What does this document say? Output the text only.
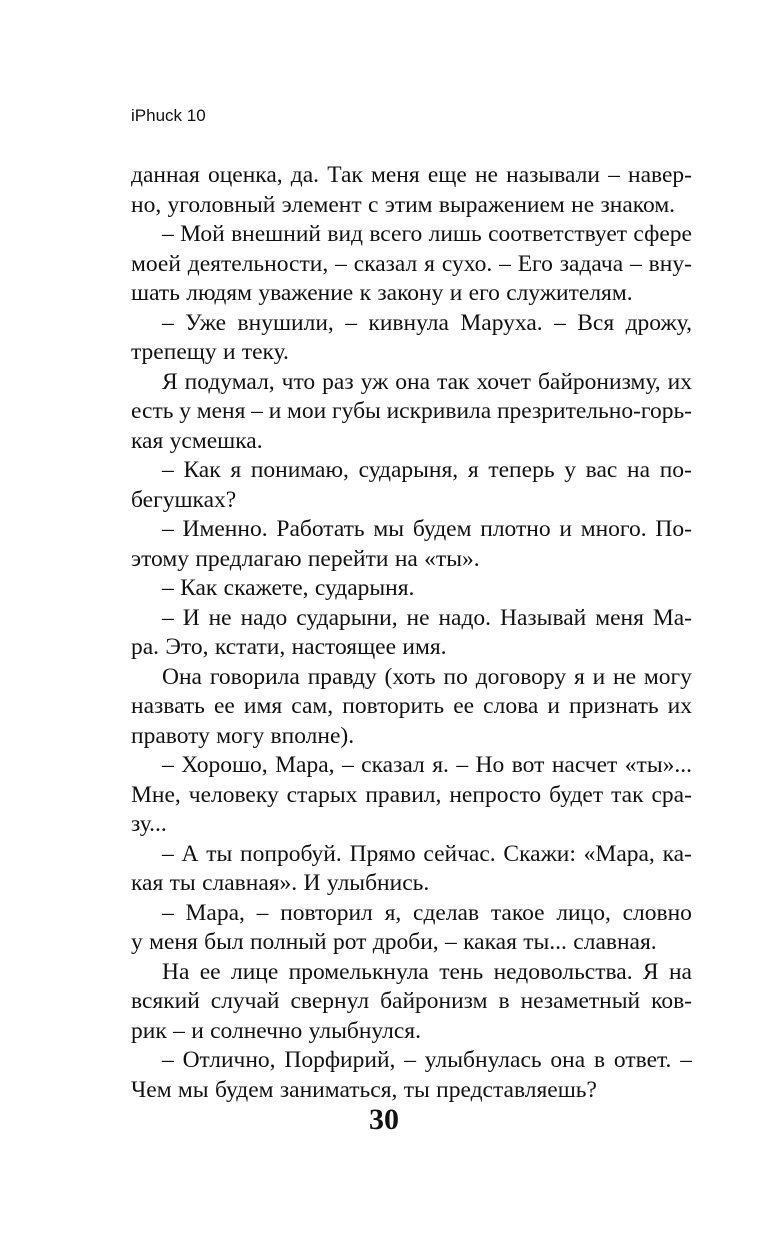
iPhuck 10
данная оценка, да. Так меня еще не называли – навер-
но, уголовный элемент с этим выражением не знаком.
– Мой внешний вид всего лишь соответствует сфере
моей деятельности, – сказал я сухо. – Его задача – вну-
шать людям уважение к закону и его служителям.
– Уже внушили, – кивнула Маруха. – Вся дрожу,
трепещу и теку.
Я подумал, что раз уж она так хочет байронизму, их
есть у меня – и мои губы искривила презрительно-горь-
кая усмешка.
– Как я понимаю, сударыня, я теперь у вас на по-
бегушках?
– Именно. Работать мы будем плотно и много. По-
этому предлагаю перейти на «ты».
– Как скажете, сударыня.
– И не надо сударыни, не надо. Называй меня Ма-
ра. Это, кстати, настоящее имя.
Она говорила правду (хоть по договору я и не могу
назвать ее имя сам, повторить ее слова и признать их
правоту могу вполне).
– Хорошо, Мара, – сказал я. – Но вот насчет «ты»...
Мне, человеку старых правил, непросто будет так сра-
зу...
– А ты попробуй. Прямо сейчас. Скажи: «Мара, ка-
кая ты славная». И улыбнись.
– Мара, – повторил я, сделав такое лицо, словно
у меня был полный рот дроби, – какая ты... славная.
На ее лице промелькнула тень недовольства. Я на
всякий случай свернул байронизм в незаметный ков-
рик – и солнечно улыбнулся.
– Отлично, Порфирий, – улыбнулась она в ответ. –
Чем мы будем заниматься, ты представляешь?
30
